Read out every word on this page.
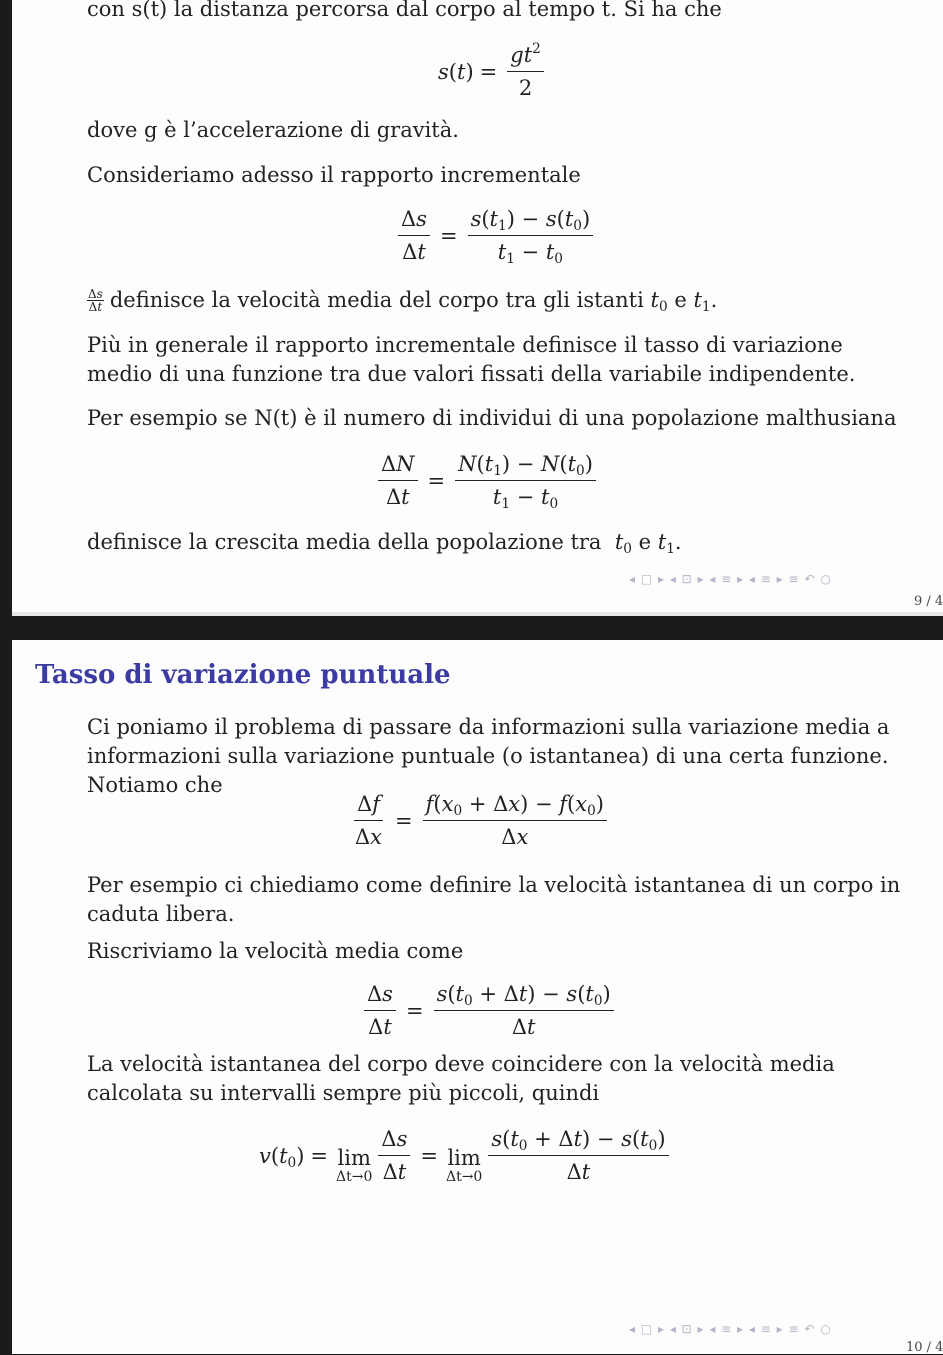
con s(t) la distanza percorsa dal corpo al tempo t. Si ha che

$s(t) = \frac{gt^2}{2}$

dove g è l’accelerazione di gravità.

Consideriamo adesso il rapporto incrementale

$\frac{\Delta s}{\Delta t} = \frac{s(t_1) - s(t_0)}{t_1 - t_0}$
$\frac{\Delta s}{\Delta t}$ definisce la velocità media del corpo tra gli istanti $t_0$ e $t_1$.

Più in generale il rapporto incrementale definisce il tasso di variazione medio di una funzione tra due valori fissati della variabile indipendente.

Per esempio se N(t) è il numero di individui di una popolazione malthusiana

$\frac{\Delta N}{\Delta t} = \frac{N(t_1) - N(t_0)}{t_1 - t_0}$
definisce la crescita media della popolazione tra $t_0$ e $t_1$.
◂ □ ▸ ◂ ⊡ ▸ ◂ ≡ ▸ ◂ ≡ ▸ ≡ ↶ ○
9 / 4
Tasso di variazione puntuale

Ci poniamo il problema di passare da informazioni sulla variazione media a informazioni sulla variazione puntuale (o istantanea) di una certa funzione.

Notiamo che

$\frac{\Delta f}{\Delta x} = \frac{f(x_0 + \Delta x) - f(x_0)}{\Delta x}$

Per esempio ci chiediamo come definire la velocità istantanea di un corpo in caduta libera.

Riscriviamo la velocità media come

$\frac{\Delta s}{\Delta t} = \frac{s(t_0 + \Delta t) - s(t_0)}{\Delta t}$

La velocità istantanea del corpo deve coincidere con la velocità media calcolata su intervalli sempre più piccoli, quindi

$v(t_0) = \lim$
$\Delta t\to 0 \frac{\Delta s}{\Delta t} = \lim$
$\Delta t\to 0 \frac{s(t_0 + \Delta t) - s(t_0)}{\Delta t}$
◂ □ ▸ ◂ ⊡ ▸ ◂ ≡ ▸ ◂ ≡ ▸ ≡ ↶ ○
10 / 4
